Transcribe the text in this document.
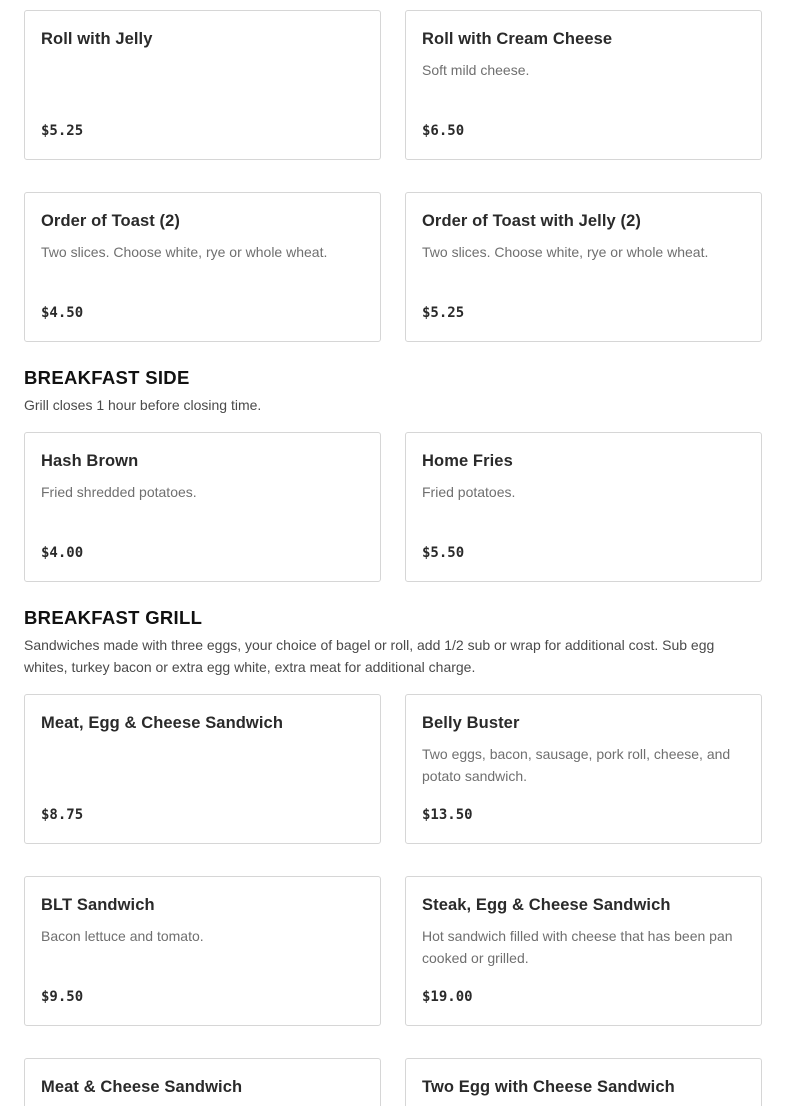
Roll with Jelly
$5.25
Roll with Cream Cheese
Soft mild cheese.
$6.50
Order of Toast (2)
Two slices. Choose white, rye or whole wheat.
$4.50
Order of Toast with Jelly (2)
Two slices. Choose white, rye or whole wheat.
$5.25
BREAKFAST SIDE
Grill closes 1 hour before closing time.
Hash Brown
Fried shredded potatoes.
$4.00
Home Fries
Fried potatoes.
$5.50
BREAKFAST GRILL
Sandwiches made with three eggs, your choice of bagel or roll, add 1/2 sub or wrap for additional cost. Sub egg whites, turkey bacon or extra egg white, extra meat for additional charge.
Meat, Egg & Cheese Sandwich
$8.75
Belly Buster
Two eggs, bacon, sausage, pork roll, cheese, and potato sandwich.
$13.50
BLT Sandwich
Bacon lettuce and tomato.
$9.50
Steak, Egg & Cheese Sandwich
Hot sandwich filled with cheese that has been pan cooked or grilled.
$19.00
Meat & Cheese Sandwich	Two Egg with Cheese Sandwich
